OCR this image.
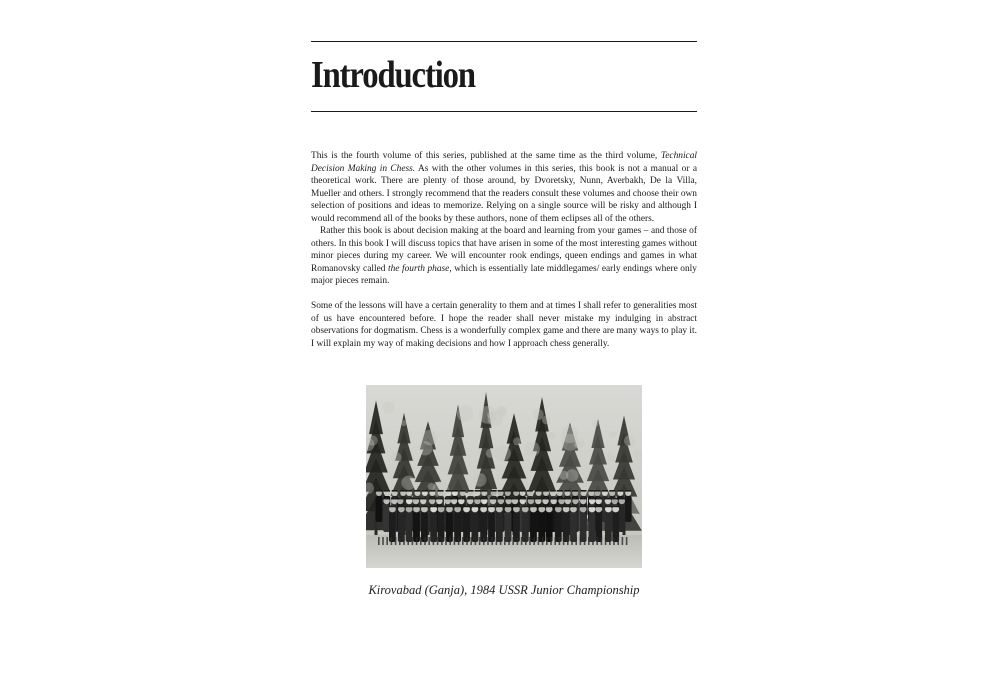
Introduction

This is the fourth volume of this series, published at the same time as the third volume, Technical Decision Making in Chess. As with the other volumes in this series, this book is not a manual or a theoretical work. There are plenty of those around, by Dvoretsky, Nunn, Averbakh, De la Villa, Mueller and others. I strongly recommend that the readers consult these volumes and choose their own selection of positions and ideas to memorize. Relying on a single source will be risky and although I would recommend all of the books by these authors, none of them eclipses all of the others.

Rather this book is about decision making at the board and learning from your games – and those of others. In this book I will discuss topics that have arisen in some of the most interesting games without minor pieces during my career. We will encounter rook endings, queen endings and games in what Romanovsky called the fourth phase, which is essentially late middlegames/ early endings where only major pieces remain.

Some of the lessons will have a certain generality to them and at times I shall refer to generalities most of us have encountered before. I hope the reader shall never mistake my indulging in abstract observations for dogmatism. Chess is a wonderfully complex game and there are many ways to play it. I will explain my way of making decisions and how I approach chess generally.

Kirovabad (Ganja), 1984 USSR Junior Championship
